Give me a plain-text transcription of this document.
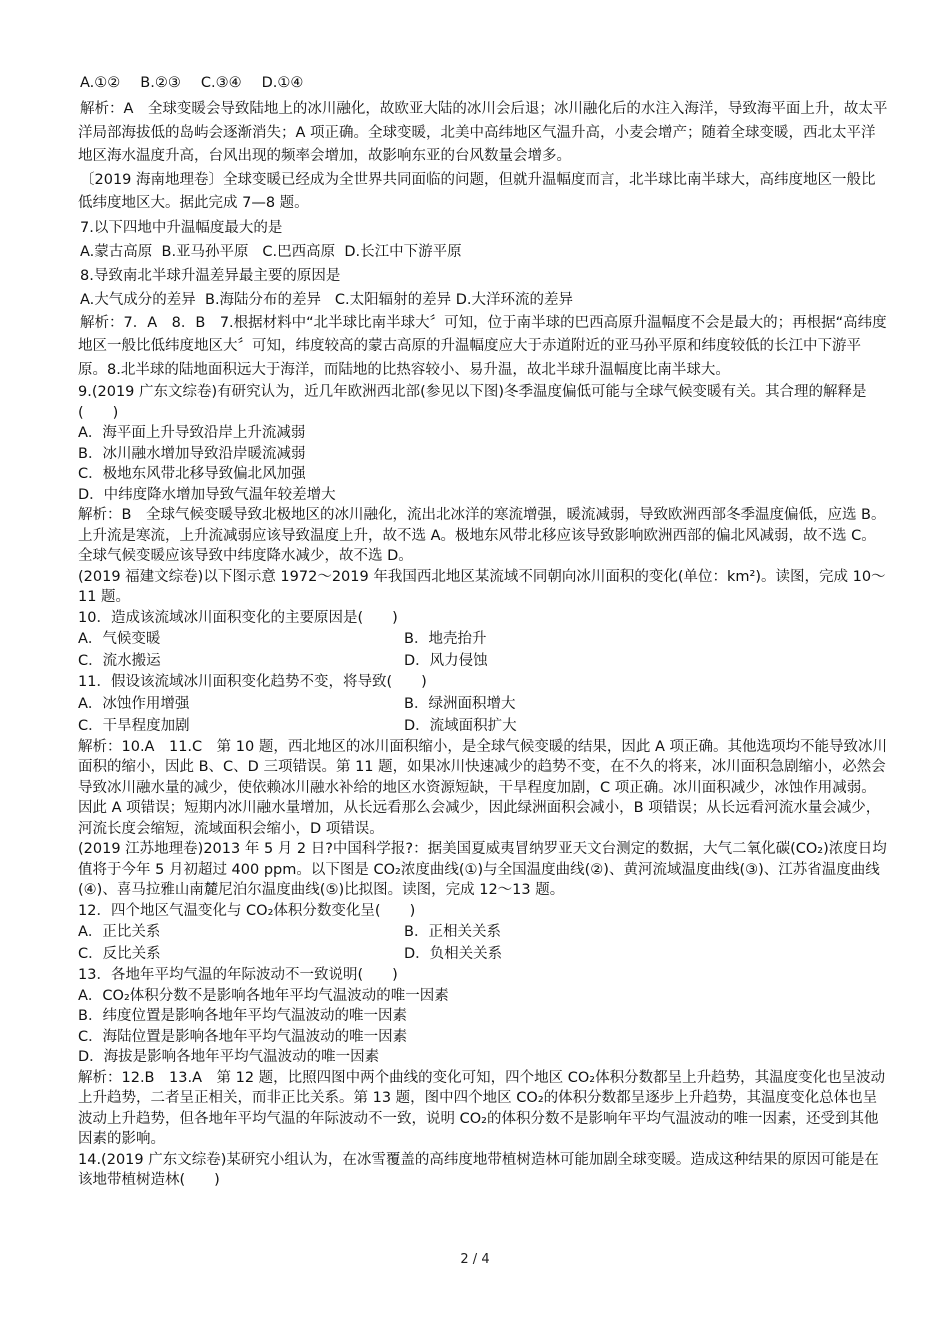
A.①② B.②③ C.③④ D.①④

解析：A　全球变暖会导致陆地上的冰川融化，故欧亚大陆的冰川会后退；冰川融化后的水注入海洋，导致海平面上升，故太平洋局部海拔低的岛屿会逐渐消失；A 项正确。全球变暖，北美中高纬地区气温升高，小麦会增产；随着全球变暖，西北太平洋地区海水温度升高，台风出现的频率会增加，故影响东亚的台风数量会增多。

〔2019 海南地理卷〕全球变暖已经成为全世界共同面临的问题，但就升温幅度而言，北半球比南半球大，高纬度地区一般比低纬度地区大。据此完成 7—8 题。

7.以下四地中升温幅度最大的是

A.蒙古高原  B.亚马孙平原   C.巴西高原  D.长江中下游平原

8.导致南北半球升温差异最主要的原因是

A.大气成分的差异  B.海陆分布的差异   C.太阳辐射的差异 D.大洋环流的差异

解析：7．A　8．B　7.根据材料中“北半球比南半球大〞可知，位于南半球的巴西高原升温幅度不会是最大的；再根据“高纬度地区一般比低纬度地区大〞可知，纬度较高的蒙古高原的升温幅度应大于赤道附近的亚马孙平原和纬度较低的长江中下游平原。8.北半球的陆地面积远大于海洋，而陆地的比热容较小、易升温，故北半球升温幅度比南半球大。

9.(2019 广东文综卷)有研究认为，近几年欧洲西北部(参见以下图)冬季温度偏低可能与全球气候变暖有关。其合理的解释是(　　)

A．海平面上升导致沿岸上升流减弱

B．冰川融水增加导致沿岸暖流减弱

C．极地东风带北移导致偏北风加强

D．中纬度降水增加导致气温年较差增大

解析：B　全球气候变暖导致北极地区的冰川融化，流出北冰洋的寒流增强，暖流减弱，导致欧洲西部冬季温度偏低，应选 B。上升流是寒流，上升流减弱应该导致温度上升，故不选 A。极地东风带北移应该导致影响欧洲西部的偏北风减弱，故不选 C。全球气候变暖应该导致中纬度降水减少，故不选 D。

(2019 福建文综卷)以下图示意 1972～2019 年我国西北地区某流域不同朝向冰川面积的变化(单位：km²)。读图，完成 10～11 题。

10．造成该流域冰川面积变化的主要原因是(　　)

A．气候变暖	B．地壳抬升
C．流水搬运	D．风力侵蚀

11．假设该流域冰川面积变化趋势不变，将导致(　　)

A．冰蚀作用增强	B．绿洲面积增大
C．干旱程度加剧	D．流域面积扩大

解析：10.A　11.C　第 10 题，西北地区的冰川面积缩小，是全球气候变暖的结果，因此 A 项正确。其他选项均不能导致冰川面积的缩小，因此 B、C、D 三项错误。第 11 题，如果冰川快速减少的趋势不变，在不久的将来，冰川面积急剧缩小，必然会导致冰川融水量的减少，使依赖冰川融水补给的地区水资源短缺，干旱程度加剧，C 项正确。冰川面积减少，冰蚀作用减弱。因此 A 项错误；短期内冰川融水量增加，从长远看那么会减少，因此绿洲面积会减小，B 项错误；从长远看河流水量会减少，河流长度会缩短，流域面积会缩小，D 项错误。

(2019 江苏地理卷)2013 年 5 月 2 日?中国科学报?：据美国夏威夷冒纳罗亚天文台测定的数据，大气二氧化碳(CO₂)浓度日均值将于今年 5 月初超过 400 ppm。以下图是 CO₂浓度曲线(①)与全国温度曲线(②)、黄河流域温度曲线(③)、江苏省温度曲线(④)、喜马拉雅山南麓尼泊尔温度曲线(⑤)比拟图。读图，完成 12～13 题。

12．四个地区气温变化与 CO₂体积分数变化呈(　　)

A．正比关系	B．正相关关系
C．反比关系	D．负相关关系

13．各地年平均气温的年际波动不一致说明(　　)

A．CO₂体积分数不是影响各地年平均气温波动的唯一因素

B．纬度位置是影响各地年平均气温波动的唯一因素

C．海陆位置是影响各地年平均气温波动的唯一因素

D．海拔是影响各地年平均气温波动的唯一因素

解析：12.B　13.A　第 12 题，比照四图中两个曲线的变化可知，四个地区 CO₂体积分数都呈上升趋势，其温度变化也呈波动上升趋势，二者呈正相关，而非正比关系。第 13 题，图中四个地区 CO₂的体积分数都呈逐步上升趋势，其温度变化总体也呈波动上升趋势，但各地年平均气温的年际波动不一致，说明 CO₂的体积分数不是影响年平均气温波动的唯一因素，还受到其他因素的影响。

14.(2019 广东文综卷)某研究小组认为，在冰雪覆盖的高纬度地带植树造林可能加剧全球变暖。造成这种结果的原因可能是在该地带植树造林(　　)

2 / 4
